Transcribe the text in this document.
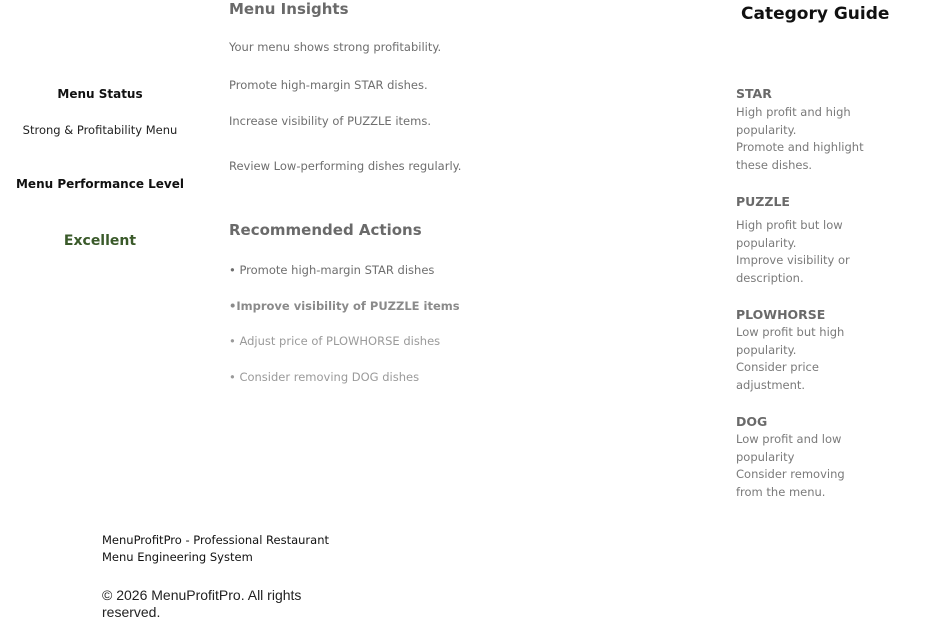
Menu Status
Strong & Profitability Menu
Menu Performance Level
Excellent
Menu Insights
Your menu shows strong profitability.
Promote high-margin STAR dishes.
Increase visibility of PUZZLE items.
Review Low-performing dishes regularly.
Recommended Actions
• Promote high-margin STAR dishes
•Improve visibility of PUZZLE items
• Adjust price of PLOWHORSE dishes
• Consider removing DOG dishes
Category Guide
STAR
High profit and high popularity.
Promote and highlight these dishes.
PUZZLE
High profit but low popularity.
Improve visibility or description.
PLOWHORSE
Low profit but high popularity.
Consider price adjustment.
DOG
Low profit and low popularity
Consider removing from the menu.
MenuProfitPro - Professional Restaurant Menu Engineering System
© 2026 MenuProfitPro. All rights reserved.
